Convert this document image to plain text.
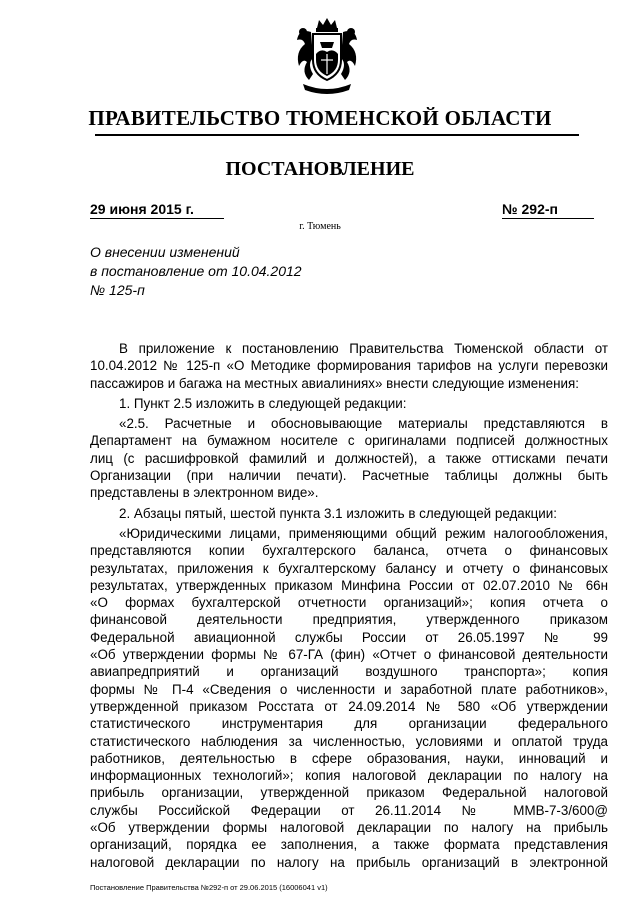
ПРАВИТЕЛЬСТВО ТЮМЕНСКОЙ ОБЛАСТИ
ПОСТАНОВЛЕНИЕ
29 июня 2015 г.	№ 292-п
г. Тюмень
О внесении изменений
в постановление от 10.04.2012
№ 125-п
В приложение к постановлению Правительства Тюменской области от
10.04.2012 № 125-п «О Методике формирования тарифов на услуги перевозки
пассажиров и багажа на местных авиалиниях» внести следующие изменения:
1. Пункт 2.5 изложить в следующей редакции:
«2.5. Расчетные и обосновывающие материалы представляются в
Департамент на бумажном носителе с оригиналами подписей должностных
лиц (с расшифровкой фамилий и должностей), а также оттисками печати
Организации (при наличии печати). Расчетные таблицы должны быть
представлены в электронном виде».
2. Абзацы пятый, шестой пункта 3.1 изложить в следующей редакции:
«Юридическими лицами, применяющими общий режим налогообложения,
представляются копии бухгалтерского баланса, отчета о финансовых
результатах, приложения к бухгалтерскому балансу и отчету о финансовых
результатах, утвержденных приказом Минфина России от 02.07.2010 № 66н
«О формах бухгалтерской отчетности организаций»; копия отчета о
финансовой деятельности предприятия, утвержденного приказом
Федеральной авиационной службы России от 26.05.1997 № 99
«Об утверждении формы № 67-ГА (фин) «Отчет о финансовой деятельности
авиапредприятий и организаций воздушного транспорта»; копия
формы № П-4 «Сведения о численности и заработной плате работников»,
утвержденной приказом Росстата от 24.09.2014 № 580 «Об утверждении
статистического инструментария для организации федерального
статистического наблюдения за численностью, условиями и оплатой труда
работников, деятельностью в сфере образования, науки, инноваций и
информационных технологий»; копия налоговой декларации по налогу на
прибыль организации, утвержденной приказом Федеральной налоговой
службы Российской Федерации от 26.11.2014 № ММВ-7-3/600@
«Об утверждении формы налоговой декларации по налогу на прибыль
организаций, порядка ее заполнения, а также формата представления
налоговой декларации по налогу на прибыль организаций в электронной
Постановление Правительства №292-п от 29.06.2015 (16006041 v1)
